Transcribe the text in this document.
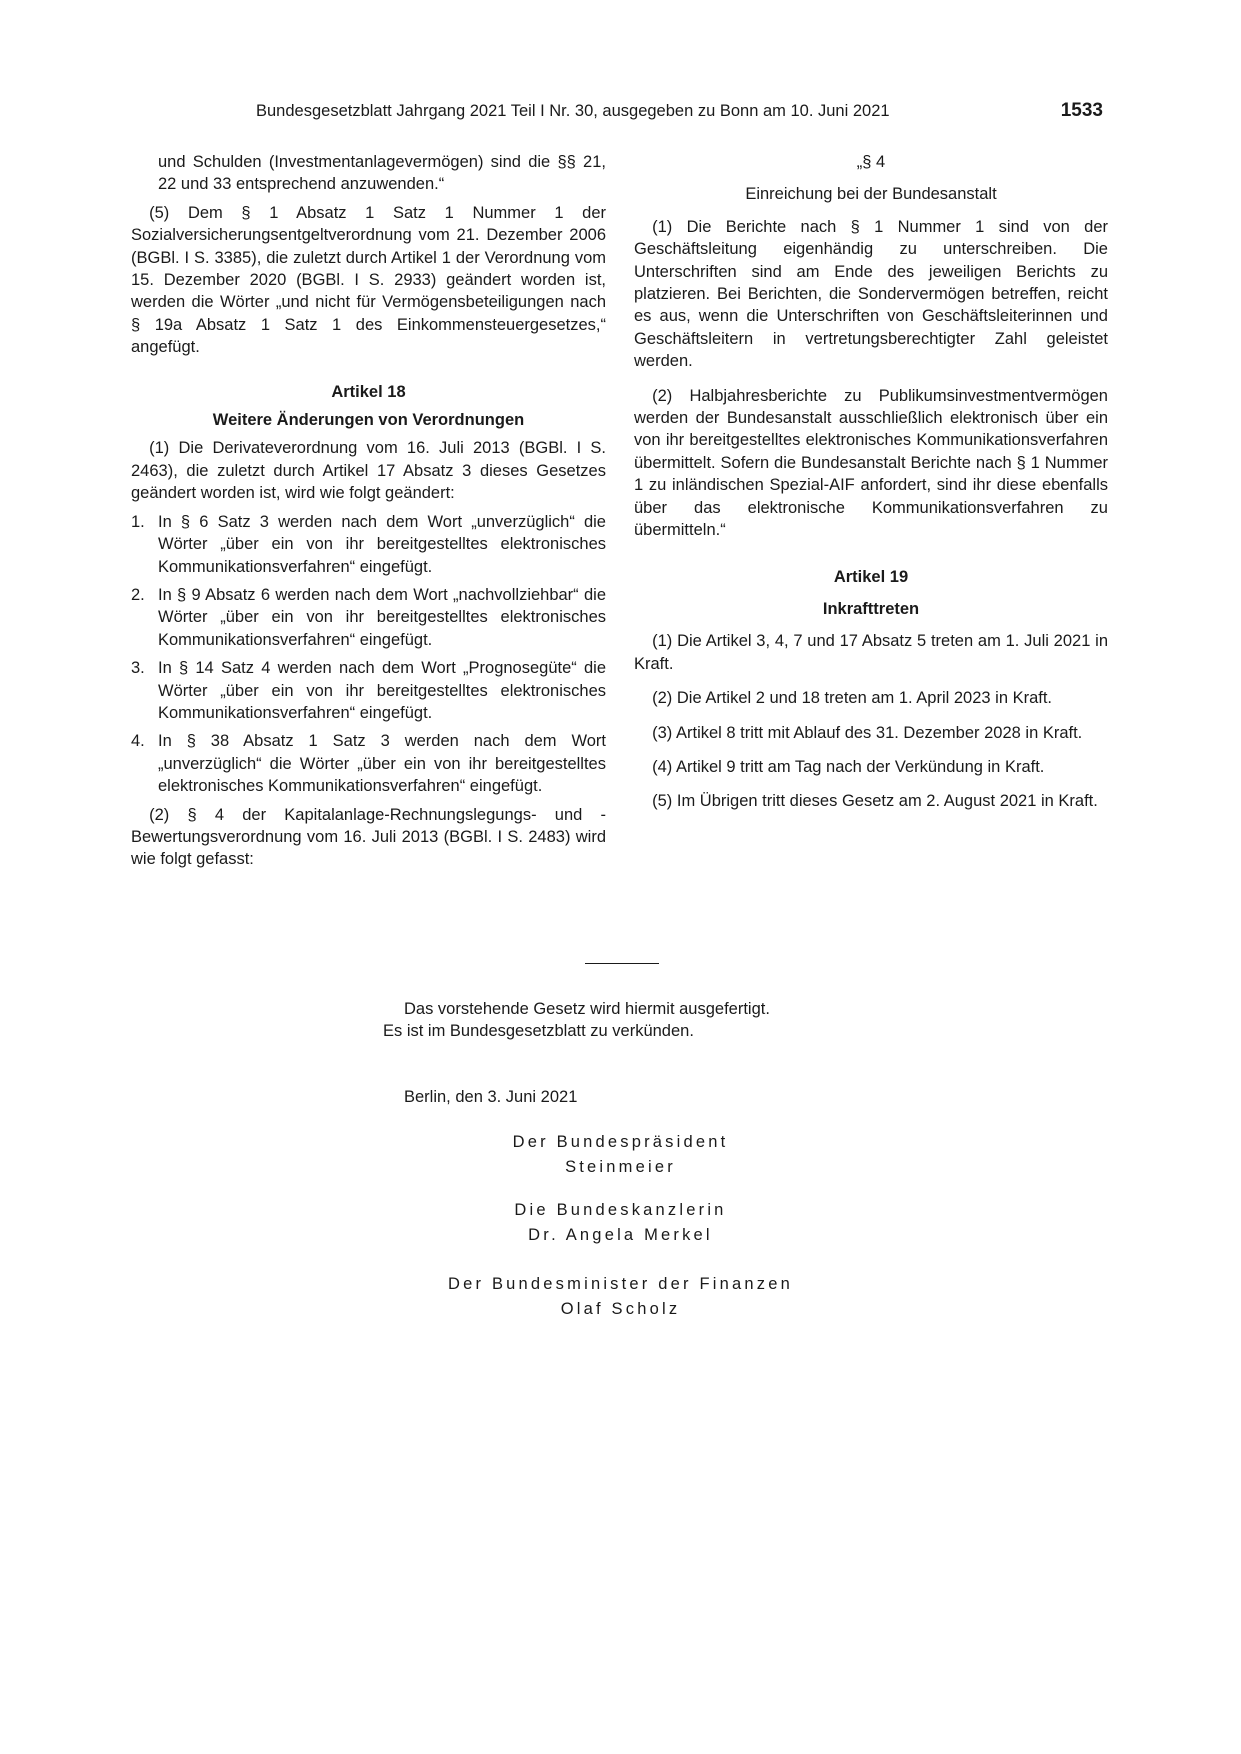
Bundesgesetzblatt Jahrgang 2021 Teil I Nr. 30, ausgegeben zu Bonn am 10. Juni 2021	1533

und Schulden (Investmentanlagevermögen) sind die §§ 21, 22 und 33 entsprechend anzuwenden.“

(5) Dem § 1 Absatz 1 Satz 1 Nummer 1 der Sozialversicherungsentgeltverordnung vom 21. Dezember 2006 (BGBl. I S. 3385), die zuletzt durch Artikel 1 der Verordnung vom 15. Dezember 2020 (BGBl. I S. 2933) geändert worden ist, werden die Wörter „und nicht für Vermögensbeteiligungen nach § 19a Absatz 1 Satz 1 des Einkommensteuergesetzes,“ angefügt.

Artikel 18

Weitere Änderungen von Verordnungen

(1) Die Derivateverordnung vom 16. Juli 2013 (BGBl. I S. 2463), die zuletzt durch Artikel 17 Absatz 3 dieses Gesetzes geändert worden ist, wird wie folgt geändert:

1. In § 6 Satz 3 werden nach dem Wort „unverzüglich“ die Wörter „über ein von ihr bereitgestelltes elektronisches Kommunikationsverfahren“ eingefügt.
2. In § 9 Absatz 6 werden nach dem Wort „nachvollziehbar“ die Wörter „über ein von ihr bereitgestelltes elektronisches Kommunikationsverfahren“ eingefügt.
3. In § 14 Satz 4 werden nach dem Wort „Prognosegüte“ die Wörter „über ein von ihr bereitgestelltes elektronisches Kommunikationsverfahren“ eingefügt.
4. In § 38 Absatz 1 Satz 3 werden nach dem Wort „unverzüglich“ die Wörter „über ein von ihr bereitgestelltes elektronisches Kommunikationsverfahren“ eingefügt.

(2) § 4 der Kapitalanlage-Rechnungslegungs- und -Bewertungsverordnung vom 16. Juli 2013 (BGBl. I S. 2483) wird wie folgt gefasst:

„§ 4

Einreichung bei der Bundesanstalt

(1) Die Berichte nach § 1 Nummer 1 sind von der Geschäftsleitung eigenhändig zu unterschreiben. Die Unterschriften sind am Ende des jeweiligen Berichts zu platzieren. Bei Berichten, die Sondervermögen betreffen, reicht es aus, wenn die Unterschriften von Geschäftsleiterinnen und Geschäftsleitern in vertretungsberechtigter Zahl geleistet werden.

(2) Halbjahresberichte zu Publikumsinvestmentvermögen werden der Bundesanstalt ausschließlich elektronisch über ein von ihr bereitgestelltes elektronisches Kommunikationsverfahren übermittelt. Sofern die Bundesanstalt Berichte nach § 1 Nummer 1 zu inländischen Spezial-AIF anfordert, sind ihr diese ebenfalls über das elektronische Kommunikationsverfahren zu übermitteln.“

Artikel 19

Inkrafttreten

(1) Die Artikel 3, 4, 7 und 17 Absatz 5 treten am 1. Juli 2021 in Kraft.

(2) Die Artikel 2 und 18 treten am 1. April 2023 in Kraft.

(3) Artikel 8 tritt mit Ablauf des 31. Dezember 2028 in Kraft.

(4) Artikel 9 tritt am Tag nach der Verkündung in Kraft.

(5) Im Übrigen tritt dieses Gesetz am 2. August 2021 in Kraft.

Das vorstehende Gesetz wird hiermit ausgefertigt.
Es ist im Bundesgesetzblatt zu verkünden.
Berlin, den 3. Juni 2021
Der Bundespräsident
Steinmeier
Die Bundeskanzlerin
Dr. Angela Merkel
Der Bundesminister der Finanzen
Olaf Scholz
